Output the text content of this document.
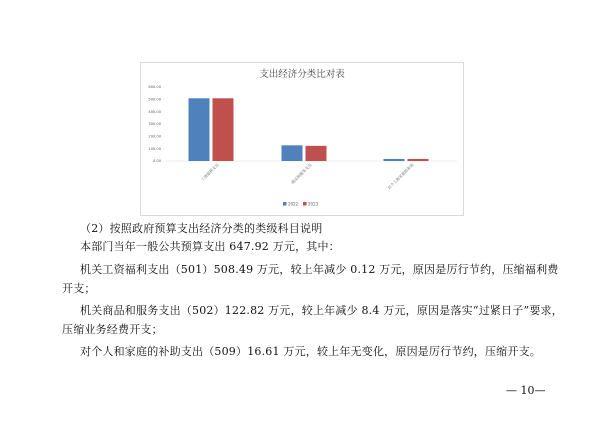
支出经济分类比对表
600.00
500.00
400.00
300.00
200.00
100.00
0.00
工资福利支出	商品和服务支出	对个人和家庭的补助
2022 2023

（2）按照政府预算支出经济分类的类级科目说明

本部门当年一般公共预算支出 647.92 万元，其中：

机关工资福利支出（501）508.49 万元，较上年减少 0.12 万元，原因是厉行节约，压缩福利费

开支；

机关商品和服务支出（502）122.82 万元，较上年减少 8.4 万元，原因是落实“过紧日子”要求，

压缩业务经费开支；

对个人和家庭的补助支出（509）16.61 万元，较上年无变化，原因是厉行节约，压缩开支。

— 10—
